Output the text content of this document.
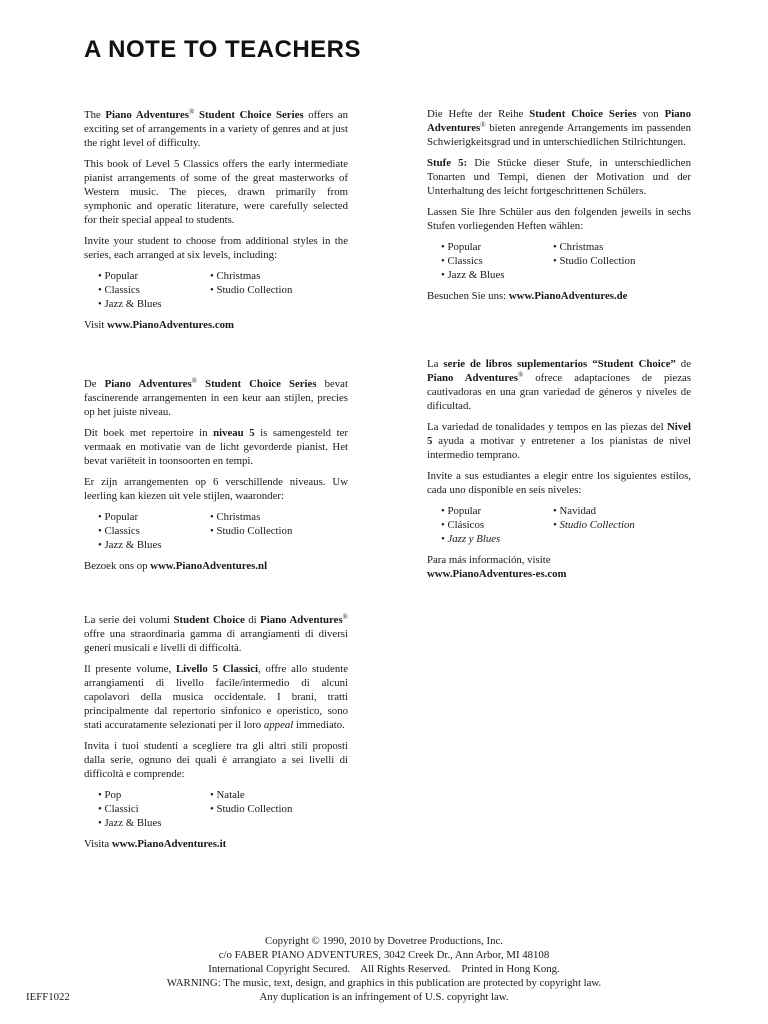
A NOTE TO TEACHERS

The Piano Adventures® Student Choice Series offers an exciting set of arrangements in a variety of genres and at just the right level of difficulty.

This book of Level 5 Classics offers the early intermediate pianist arrangements of some of the great masterworks of Western music. The pieces, drawn primarily from symphonic and operatic literature, were carefully selected for their special appeal to students.

Invite your student to choose from additional styles in the series, each arranged at six levels, including:

• Popular
• Classics
• Jazz & Blues
• Christmas
• Studio Collection

Visit www.PianoAdventures.com

Die Hefte der Reihe Student Choice Series von Piano Adventures® bieten anregende Arrangements im passenden Schwierigkeitsgrad und in unterschiedlichen Stilrichtungen.

Stufe 5: Die Stücke dieser Stufe, in unterschiedlichen Tonarten und Tempi, dienen der Motivation und der Unterhaltung des leicht fortgeschrittenen Schülers.

Lassen Sie Ihre Schüler aus den folgenden jeweils in sechs Stufen vorliegenden Heften wählen:

• Popular
• Classics
• Jazz & Blues
• Christmas
• Studio Collection

Besuchen Sie uns: www.PianoAdventures.de

De Piano Adventures® Student Choice Series bevat fascinerende arrangementen in een keur aan stijlen, precies op het juiste niveau.

Dit boek met repertoire in niveau 5 is samengesteld ter vermaak en motivatie van de licht gevorderde pianist. Het bevat variëteit in toonsoorten en tempi.

Er zijn arrangementen op 6 verschillende niveaus. Uw leerling kan kiezen uit vele stijlen, waaronder:

• Popular
• Classics
• Jazz & Blues
• Christmas
• Studio Collection

Bezoek ons op www.PianoAdventures.nl

La serie de libros suplementarios “Student Choice” de Piano Adventures® ofrece adaptaciones de piezas cautivadoras en una gran variedad de géneros y niveles de dificultad.

La variedad de tonalidades y tempos en las piezas del Nivel 5 ayuda a motivar y entretener a los pianistas de nivel intermedio temprano.

Invite a sus estudiantes a elegir entre los siguientes estilos, cada uno disponible en seis niveles:

• Popular
• Clásicos
• Jazz y Blues
• Navidad
• Studio Collection

Para más información, visite
www.PianoAdventures-es.com

La serie dei volumi Student Choice di Piano Adventures® offre una straordinaria gamma di arrangiamenti di diversi generi musicali e livelli di difficoltà.

Il presente volume, Livello 5 Classici, offre allo studente arrangiamenti di livello facile/intermedio di alcuni capolavori della musica occidentale. I brani, tratti principalmente dal repertorio sinfonico e operistico, sono stati accuratamente selezionati per il loro appeal immediato.

Invita i tuoi studenti a scegliere tra gli altri stili proposti dalla serie, ognuno dei quali è arrangiato a sei livelli di difficoltà e comprende:

• Pop
• Classici
• Jazz & Blues
• Natale
• Studio Collection

Visita www.PianoAdventures.it

Copyright © 1990, 2010 by Dovetree Productions, Inc.
c/o FABER PIANO ADVENTURES, 3042 Creek Dr., Ann Arbor, MI 48108
International Copyright Secured.    All Rights Reserved.    Printed in Hong Kong.
WARNING: The music, text, design, and graphics in this publication are protected by copyright law.
Any duplication is an infringement of U.S. copyright law.
IEFF1022
